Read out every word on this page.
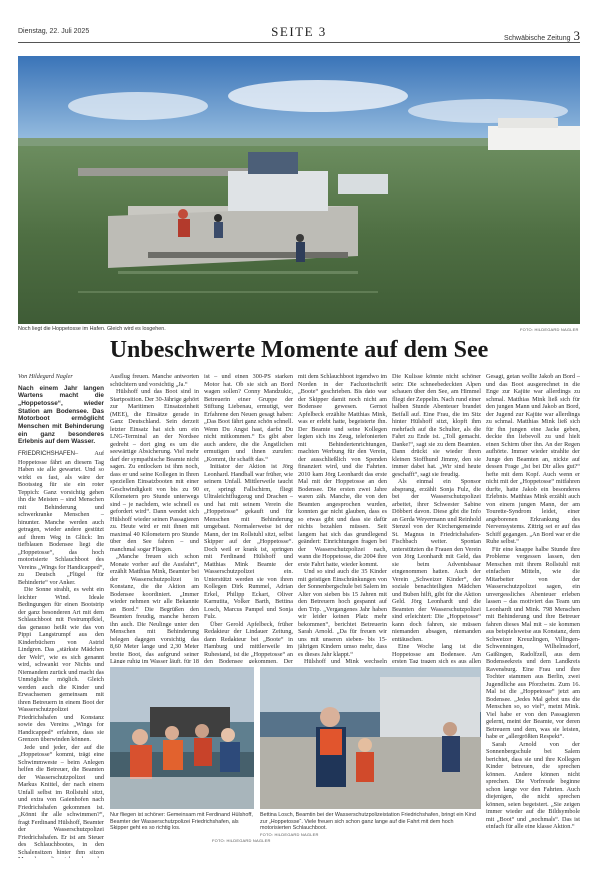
Dienstag, 22. Juli 2025	SEITE 3	Schwäbische Zeitung 3
Noch liegt die Hoppetosse im Hafen. Gleich wird es losgehen.	FOTO: HILDEGARD NAGLER
Unbeschwerte Momente auf dem See
Von Hildegard Nagler
Nach einem Jahr langen Wartens macht die „Hoppetosse“, wieder Station am Bodensee. Das Motorboot ermöglicht Menschen mit Behinderung ein ganz besonderes Erlebnis auf dem Wasser.

FRIEDRICHSHAFEN– Auf Hoppetosse fährt an diesem Tag Haben sie alle gewartet. Und so wirkt es fast, als wäre der Bootssteg für sie ein roter Teppich: Ganz vorsichtig gehen ihn die Meisten – sind Menschen mit Behinderung und schwerkranke Menschen – hinunter. Manche werden auch getragen, wieder andere gestützt auf ihrem Weg in Glück: Im tiefblauen Bodensee liegt die „Hoppetosse“, das hoch motorisierte Schlauchboot des Vereins „Wings for Handicapped“, zu Deutsch „Flügel für Behinderte“ vor Anker.

Die Sonne strahlt, es weht ein leichter Wind. Ideale Bedingungen für einen Bootstrip der ganz besonderen Art mit dem Schlauchboot mit Festrumpfkiel, das genauso heißt wie das von Pippi Langstrumpf aus den Kinderbüchern von Astrid Lindgren. Das „stärkste Mädchen der Welt“, wie es sich genannt wird, schwankt vor Nichts und Niemandem zurück und macht das Unmögliche möglich. Gleich werden auch die Kinder und Erwachsenen gemeinsam mit ihren Betreuern in einem Boot der Wasserschutzpolizei Friedrichshafen und Konstanz sowie des Vereins „Wings for Handicapped“ erfahren, dass sie Grenzen überwinden können.

Jede und jeder, der auf die „Hoppetosse“ kommt, trägt eine Schwimmweste – beim Anlegen helfen die Betreuer, die Beamten der Wasserschutzpolizei und Markus Knittel, der nach einem Unfall selbst im Rollstuhl sitzt, und extra von Gaienhofen nach Friedrichshafen gekommen ist. „Könnt ihr alle schwimmen?“, fragt Ferdinand Hülshoff, Beamter der Wasserschutzpolizei Friedrichshafen. Er ist am Steuer des Schlauchbootes, in den Schalensitzen hinter ihm sitzen

Ausflug freuen. Manche antworten schüchtern und vorsichtig „Ja.“

Hülshoff und das Boot sind in Startposition. Der 30-Jährige gehört zur Maritimen Einsatzeinheit (MEE), die Einsätze gerade in Ganz Deutschland. Sein derzeit letzter Einsatz hat sich um ein LNG-Terminal an der Nordsee gedreht – dort ging es um die seewärtige Absicherung. Viel mehr darf der sympathische Beamte nicht sagen. Zu entlocken ist ihm noch, dass er und seine Kollegen in Ihren speziellen Einsatzbooten mit einer Geschwindigkeit von bis zu 90 Kilometern pro Stunde unterwegs sind – je nachdem, wie schnell es gefordert wird“. Dann wendet sich Hülshoff wieder seinen Passagieren zu. Heute wird er mit ihnen mit maximal 40 Kilometern pro Stunde über den See fahren – und manchmal sogar Fliegen.

„Manche freuen sich schon Monate vorher auf die Ausfahrt“, erzählt Matthias Mink, Beamter bei der Wasserschutzpolizei in Konstanz, die die Aktion am Bodensee koordiniert. „Immer wieder nehmen wir alle Bekannte an Bord.“ Die Begrüßen den Beamten freudig, manche herzen ihn auch. Die Neulinge unter den Menschen mit Behinderung belegen dagegen vorsichtig das 8,60 Meter lange und 2,30 Meter breite Boot, das aufgrund seiner Länge ruhig im Wasser läuft, für 18

ist – und einen 300-PS starken Motor hat. Ob sie sich an Bord wagen sollen? Conny Mandzukic, Betreuerin einer Gruppe der Stiftung Liebenau, ermutigt, wer Erfahrene den Neuen gesagt haben: „Das Boot fährt ganz schön schnell. Wenn Du Angst hast, darfst Du nicht mitkommen.“ Es gibt aber auch andere, die die Ängstlichen ermutigen und ihnen zurufen: „Kommt, ihr schafft das.“

Initiator der Aktion ist Jörg Leonhard. Handball war früher, wie seinem Unfall. Mittlerweile taucht er, springt Fallschirm, fliegt Ultraleichtflugzeug und Drachen – und hat mit seinem Verein die „Hoppetosse“ gekauft und für Menschen mit Behinderung umgebaut. Normalerweise ist der Mann, der im Rollstuhl sitzt, selbst Skipper auf der „Hoppetosse“. Doch weil er krank ist, springen mit Ferdinand Hülshoff und Matthias Mink Beamte der Wasserschutzpolizei ein. Unterstützt werden sie von ihren Kollegen Dirk Rummel, Adrian Erkel, Philipp Eckart, Oliver Karnutita, Volker Barth, Bettina Losch, Marcus Pampel und Sonja Fulz.

Über Gerold Apfelbeck, früher Redakteur der Lindauer Zeitung, dann Redakteur bei „Boote“ in Hamburg und mittlerweile im Ruhestand, ist die „Hoppetosse“ an den Bodensee gekommen. Der

mit dem Schlauchboot irgendwo im Norden in der Fachzeitschrift „Boote“ geschrieben. Bis dato war der Skipper damit noch nicht am Bodensee gewesen. Gernot Apfelbeck erzählte Matthias Mink, was er erlebt hatte, begeisterte ihn. Der Beamte und seine Kollegen legten sich ins Zeug, telefonierten mit Behindertenrichtungen, machten Werbung für den Verein, der ausschließlich von Spenden finanziert wird, und die Fahrten. 2010 kam Jörg Leonhardt das erste Mal mit der Hoppetosse an den Bodensee. Die ersten zwei Jahre waren zäh. Manche, die von den Beamten angesprochen wurden, konnten gar nicht glauben, dass es so etwas gibt und dass sie dafür nichts bezahlen müssen. Seit langem hat sich das grundlegend geändert: Einrichtungen fragen bei der Wasserschutzpolizei nach, wann die Hoppetosse, die 2004 ihre erste Fahrt hatte, wieder kommt.

Und so sind auch die 35 Kinder mit geistigen Einschränkungen von der Sonnenbergschule bei Salem im Alter von sieben bis 15 Jahren mit den Betreuern hoch gespannt auf den Trip. „Vergangenes Jahr haben wir leider keinen Platz mehr bekommen“, berichtet Betreuerin Sarah Arnold. „Da für freuen wir uns mit unseren sieben- bis 15-jährigen Kindern umso mehr, dass es dieses Jahr klappt.“

Hülshoff und Mink wechseln

Die Kulisse könnte nicht schöner sein: Die schneebedeckten Alpen schauen über den See, am Himmel fliegt der Zeppelin. Nach rund einer halben Stunde Abenteuer brandet Beifall auf. Eine Frau, die im Sitz hinter Hülshoff sitzt, klopft ihm mehrfach auf die Schulter, als die Fahrt zu Ende ist. „Toll gemacht. Danke!“, sagt sie zu dem Beamten. Dann drückt sie wieder ihren kleinen Stoffhund Jimmy, den sie immer dabei hat. „Wir sind heute geschafft“, sagt sie freudig.

Als einmal ein Sponsor absprang, erzählt Sonja Fulz, die bei der Wasserschutzpolizei arbeitet, ihrer Schwester Sabine Döbbert davon. Diese gibt die Info an Gerda Weyermann und Reinhold Stenzel von der Kirchengemeinde St. Magnus in Friedrichshafen-Fischbach weiter. Spontan unterstützten die Frauen den Verein von Jörg Leonhardt mit Geld, das sie beim Adventsbasar eingenommen hatten. Auch der Verein „Schweizer Kinder“, der soziale benachteiligten Mädchen und Buben hilft, gibt für die Aktion Geld. Jörg Leonhardt und die Beamten der Wasserschutzpolizei sind erleichtert: Die „Hoppetosse“ kann doch fahren, sie müssen niemanden absagen, niemanden enttäuschen.

Eine Woche lang ist die Hoppetosse am Bodensee. Am ersten Tag tragen sich es aus allen

Gesagt, getan wollte Jakob an Bord – und das Boot ausgerechnet in die Enge zur Kajüte war allerdings zu schmal. Matthias Mink ließ sich für den jungen Mann und Jakob an Bord, der Jugend zur Kajüte war allerdings zu schmal. Matthias Mink ließ sich für ihn jungen eine Jacke geben, deckte ihn liebevoll zu und hielt einen Schirm über ihn. An der Regen aufhörte. Immer wieder strahlte der Junge den Beamten an, nickte auf dessen Frage „Ist bei Dir alles gut?“ hefte mit dem Kopf. Auch wenn er nicht mit der „Hoppetosse“ mitfahren durfte, hatte Jakob ein besonderes Erlebnis. Matthias Mink erzählt auch von einem jungen Mann, der am Tourette-Syndrom leidet, einer angeborenen Erkrankung des Nervensystems. Zittrig sei er auf das Schiff gegangen. „An Bord war er die Ruhe selbst.“

Für eine knappe halbe Stunde ihre Probleme vergessen lassen, den Menschen mit ihrem Rollstuhl mit einfachen Mitteln, wie die Mitarbeiter von der Wasserschutzpolizei sagen, ein unvergessliches Abenteuer erleben lassen – das motiviert das Team um Leonhardt und Mink. 798 Menschen mit Behinderung und ihre Betreuer fahren dieses Mal mit – sie kommen aus beispielsweise aus Konstanz, dem Schweizer Kreuzlingen, Villingen-Schwenningen, Wilhelmsdorf, Gaißingen, Radolfzell, aus dem Bodenseekreis und dem Landkreis Ravensburg. Eine Frau und ihre Tochter stammen aus Berlin, zwei Jugendliche aus Pforzheim. Zum 16. Mal ist die „Hoppetosse“ jetzt am Bodensee. „Jedes Mal gebot uns die Menschen so, so viel“, meint Mink. Viel habe er von den Passagieren gelernt, meint der Beamte, vor deren Betreuern und dem, was sie leisten, habe er „allergrößten Respekt“.

Sarah Arnold von der Sonnenbergschule bei Salem berichtet, dass sie und ihre Kollegen Kinder betreuen, die sprechen können. Andere können nicht sprechen. Die Vorfreude beginne schon lange vor den Fahrten. Auch diejenigen, die nicht sprechen können, seien begeistert. „Sie zeigen immer wieder auf die Bildsymbole mit „Boot“ und „nochmals“. Das ist einfach für alle eine klasse Aktion.“

Nur fliegen ist schöner: Gemeinsam mit Ferdinand Hülshoff, Beamter der Wasserschutzpolizei Friedrichshafen, als Skipper geht es so richtig los.
FOTO: HILDEGARD NAGLER
Bettina Losch, Beamtin bei der Wasserschutzpolizeistation Friedrichshafen, bringt ein Kind zur „Hoppetosse“. Viele freuen sich schon ganz lange auf die Fahrt mit dem hoch motorisierten Schlauchboot.
FOTO: HILDEGARD NAGLER
